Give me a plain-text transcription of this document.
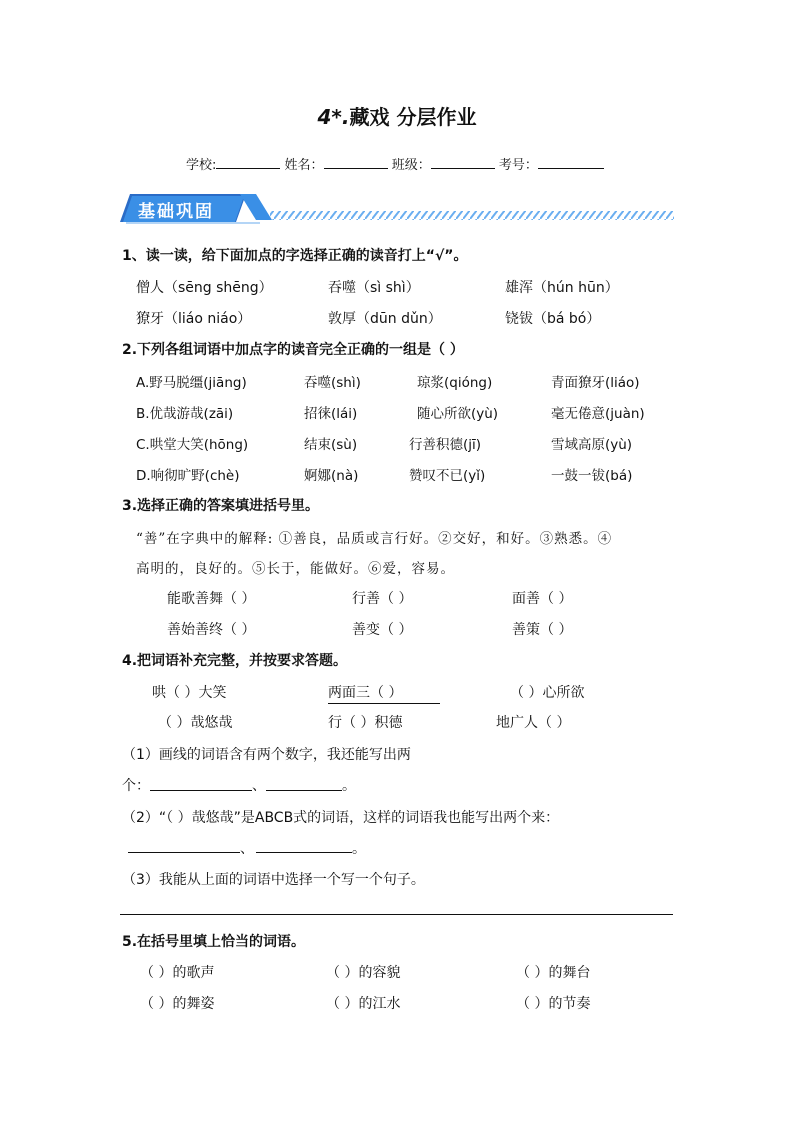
4*.藏戏 分层作业
学校:	姓名：	班级：	考号：
基础巩固
1、读一读，给下面加点的字选择正确的读音打上“√”。
僧人（sēng shēng）	吞噬（sì shì）	雄浑（hún hūn）
獠牙（liáo niáo）	敦厚（dūn dǔn）	铙钹（bá bó）
2.下列各组词语中加点字的读音完全正确的一组是（ ）
A.野马脱缰(jiāng)	吞噬(shì)	琼浆(qióng)	青面獠牙(liáo)
B.优哉游哉(zāi)	招徕(lái)	随心所欲(yù)	毫无倦意(juàn)
C.哄堂大笑(hōng)	结束(sù)	行善积德(jī)	雪域高原(yù)
D.响彻旷野(chè)	婀娜(nà)	赞叹不已(yǐ)	一鼓一钹(bá)
3.选择正确的答案填进括号里。
“善”在字典中的解释: ①善良，品质或言行好。②交好，和好。③熟悉。④
高明的，良好的。⑤长于，能做好。⑥爱，容易。
能歌善舞（ ）	行善（ ）	面善（ ）
善始善终（ ）	善变（ ）	善策（ ）
4.把词语补充完整，并按要求答题。
哄（ ）大笑	两面三（ ）	（ ）心所欲
（ ）哉悠哉	行（ ）积德	地广人（ ）
（1）画线的词语含有两个数字，我还能写出两
个：	、	。
（2）“（ ）哉悠哉”是ABCB式的词语，这样的词语我也能写出两个来：
、	。
（3）我能从上面的词语中选择一个写一个句子。
5.在括号里填上恰当的词语。
（ ）的歌声	（ ）的容貌	（ ）的舞台
（ ）的舞姿	（ ）的江水	（ ）的节奏
